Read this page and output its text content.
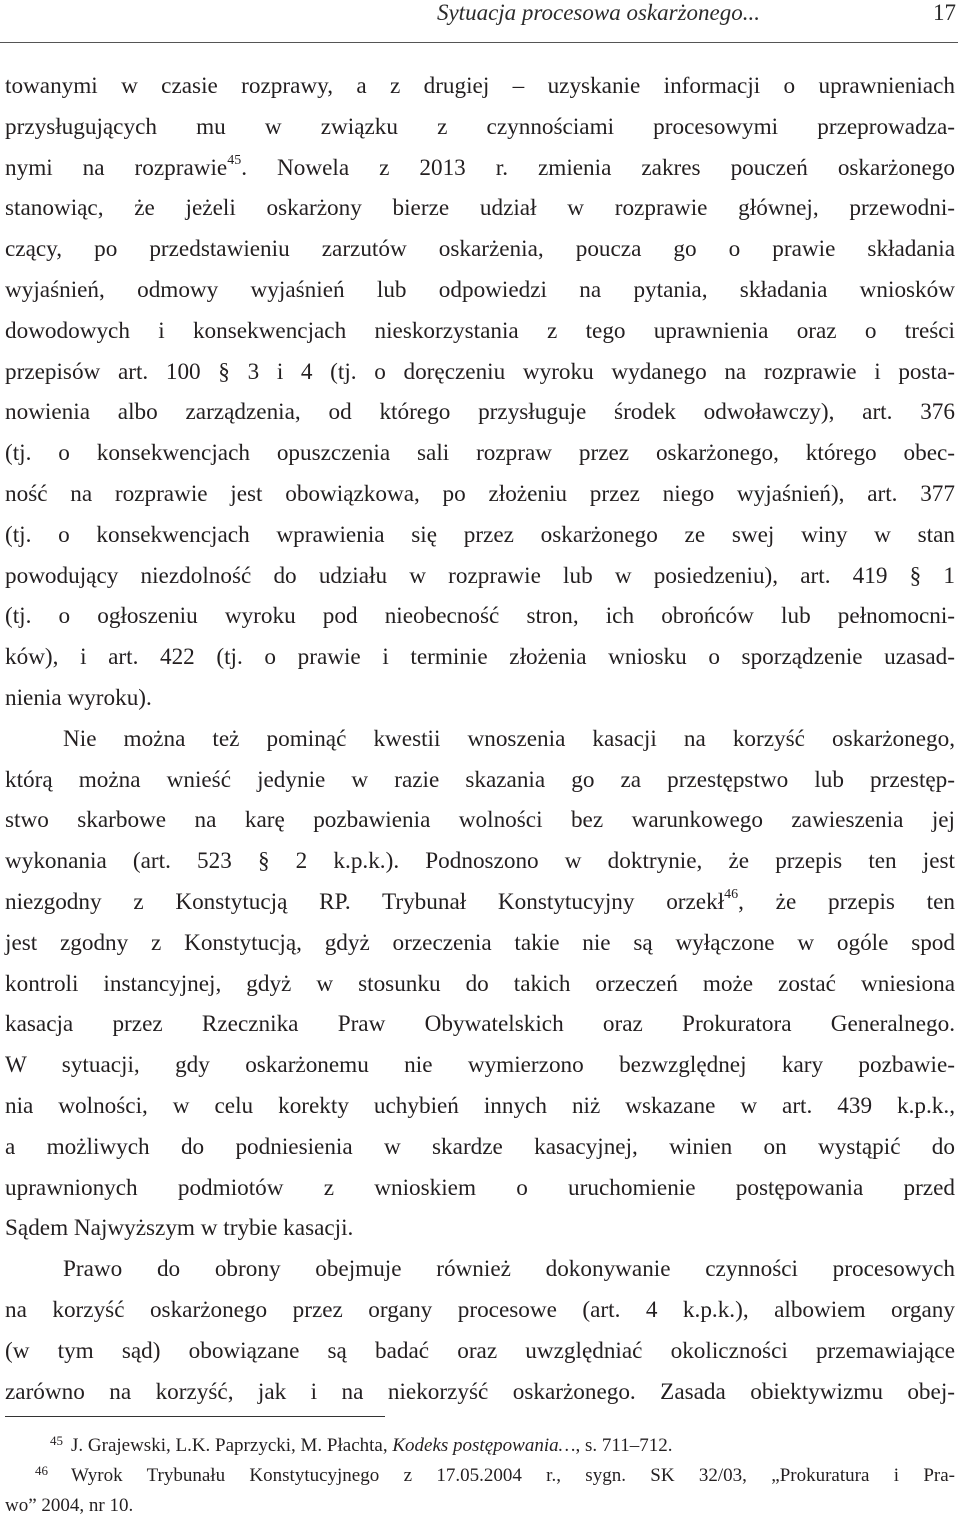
Sytuacja procesowa oskarżonego...	17
towanymi w czasie rozprawy, a z drugiej – uzyskanie informacji o uprawnieniach
przysługujących mu w związku z czynnościami procesowymi przeprowadza-
nymi na rozprawie$^{45}$. Nowela z 2013 r. zmienia zakres pouczeń oskarżonego
stanowiąc, że jeżeli oskarżony bierze udział w rozprawie głównej, przewodni-
czący, po przedstawieniu zarzutów oskarżenia, poucza go o prawie składania
wyjaśnień, odmowy wyjaśnień lub odpowiedzi na pytania, składania wniosków
dowodowych i konsekwencjach nieskorzystania z tego uprawnienia oraz o treści
przepisów art. 100 § 3 i 4 (tj. o doręczeniu wyroku wydanego na rozprawie i posta-
nowienia albo zarządzenia, od którego przysługuje środek odwoławczy), art. 376
(tj. o konsekwencjach opuszczenia sali rozpraw przez oskarżonego, którego obec-
ność na rozprawie jest obowiązkowa, po złożeniu przez niego wyjaśnień), art. 377
(tj. o konsekwencjach wprawienia się przez oskarżonego ze swej winy w stan
powodujący niezdolność do udziału w rozprawie lub w posiedzeniu), art. 419 § 1
(tj. o ogłoszeniu wyroku pod nieobecność stron, ich obrońców lub pełnomocni-
ków), i art. 422 (tj. o prawie i terminie złożenia wniosku o sporządzenie uzasad-
nienia wyroku).
Nie można też pominąć kwestii wnoszenia kasacji na korzyść oskarżonego,
którą można wnieść jedynie w razie skazania go za przestępstwo lub przestęp-
stwo skarbowe na karę pozbawienia wolności bez warunkowego zawieszenia jej
wykonania (art. 523 § 2 k.p.k.). Podnoszono w doktrynie, że przepis ten jest
niezgodny z Konstytucją RP. Trybunał Konstytucyjny orzekł$^{46}$, że przepis ten
jest zgodny z Konstytucją, gdyż orzeczenia takie nie są wyłączone w ogóle spod
kontroli instancyjnej, gdyż w stosunku do takich orzeczeń może zostać wniesiona
kasacja przez Rzecznika Praw Obywatelskich oraz Prokuratora Generalnego.
W sytuacji, gdy oskarżonemu nie wymierzono bezwzględnej kary pozbawie-
nia wolności, w celu korekty uchybień innych niż wskazane w art. 439 k.p.k.,
a możliwych do podniesienia w skardze kasacyjnej, winien on wystąpić do
uprawnionych podmiotów z wnioskiem o uruchomienie postępowania przed
Sądem Najwyższym w trybie kasacji.
Prawo do obrony obejmuje również dokonywanie czynności procesowych
na korzyść oskarżonego przez organy procesowe (art. 4 k.p.k.), albowiem organy
(w tym sąd) obowiązane są badać oraz uwzględniać okoliczności przemawiające
zarówno na korzyść, jak i na niekorzyść oskarżonego. Zasada obiektywizmu obej-
45 J. Grajewski, L.K. Paprzycki, M. Płachta, Kodeks postępowania…, s. 711–712.
46 Wyrok Trybunału Konstytucyjnego z 17.05.2004 r., sygn. SK 32/03, „Prokuratura i Pra-
wo” 2004, nr 10.
